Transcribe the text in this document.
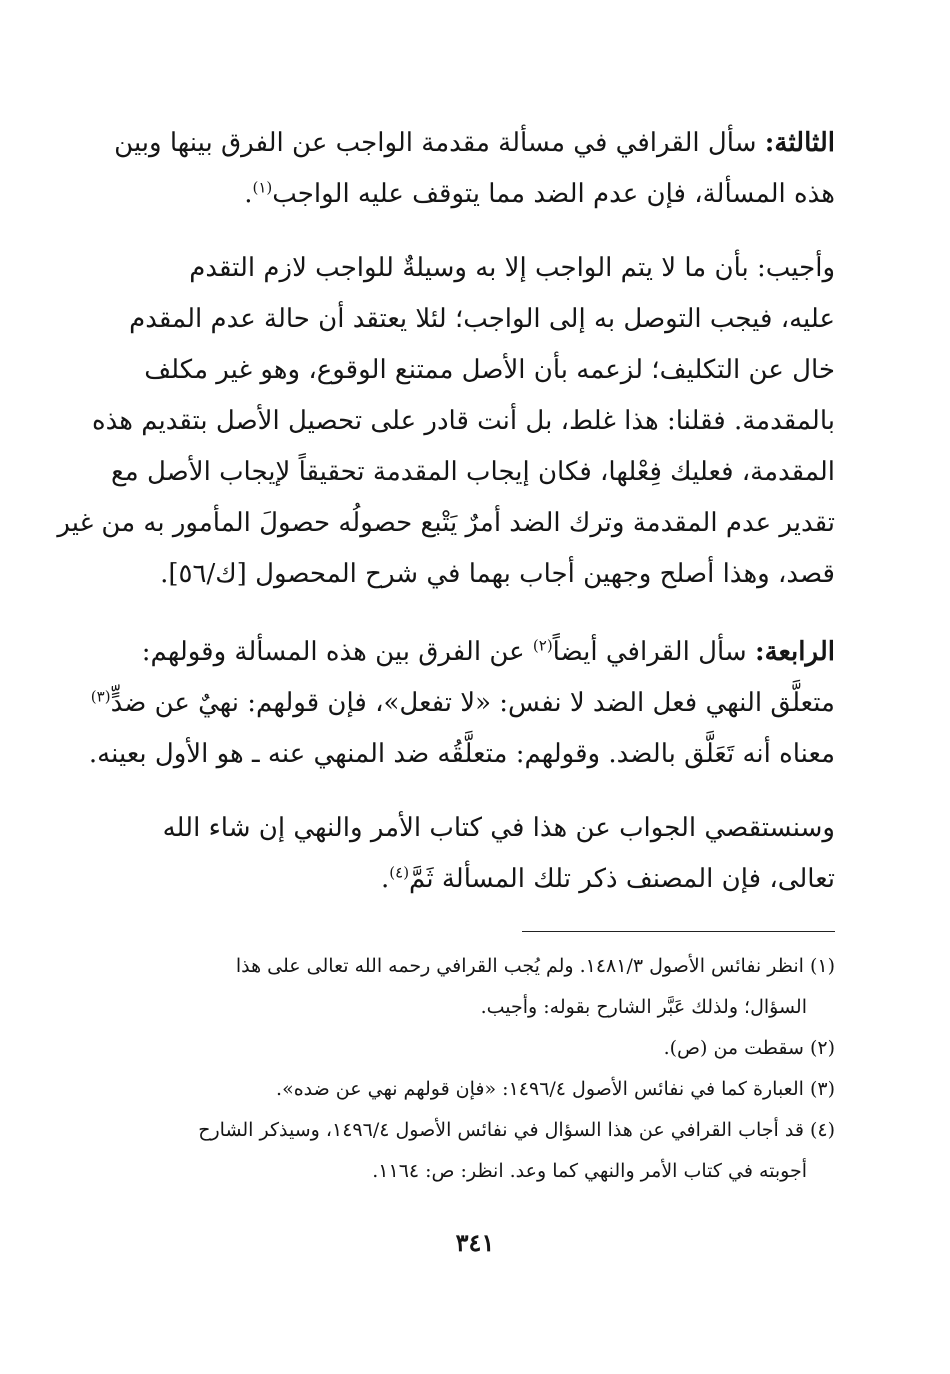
الثالثة: سأل القرافي في مسألة مقدمة الواجب عن الفرق بينها وبين
هذه المسألة، فإن عدم الضد مما يتوقف عليه الواجب$^{(١)}$.
وأجيب: بأن ما لا يتم الواجب إلا به وسيلةٌ للواجب لازم التقدم
عليه، فيجب التوصل به إلى الواجب؛ لئلا يعتقد أن حالة عدم المقدم
خال عن التكليف؛ لزعمه بأن الأصل ممتنع الوقوع، وهو غير مكلف
بالمقدمة. فقلنا: هذا غلط، بل أنت قادر على تحصيل الأصل بتقديم هذه
المقدمة، فعليك فِعْلها، فكان إيجاب المقدمة تحقيقاً لإيجاب الأصل مع
تقدير عدم المقدمة وترك الضد أمرٌ يَتْبع حصولُه حصولَ المأمور به من غير
قصد، وهذا أصلح وجهين أجاب بهما في شرح المحصول [ك/٥٦].
الرابعة: سأل القرافي أيضاً$^{(٢)}$ عن الفرق بين هذه المسألة وقولهم:
متعلَّق النهي فعل الضد لا نفس: «لا تفعل»، فإن قولهم: نهيٌ عن ضدٍّ$^{(٣)}$
معناه أنه تَعَلَّق بالضد. وقولهم: متعلَّقُه ضد المنهي عنه ـ هو الأول بعينه.
وسنستقصي الجواب عن هذا في كتاب الأمر والنهي إن شاء الله
تعالى، فإن المصنف ذكر تلك المسألة ثَمَّ$^{(٤)}$.
(١) انظر نفائس الأصول ١٤٨١/٣. ولم يُجب القرافي رحمه الله تعالى على هذا
السؤال؛ ولذلك عَبَّر الشارح بقوله: وأجيب.
(٢) سقطت من (ص).
(٣) العبارة كما في نفائس الأصول ١٤٩٦/٤: «فإن قولهم نهي عن ضده».
(٤) قد أجاب القرافي عن هذا السؤال في نفائس الأصول ١٤٩٦/٤، وسيذكر الشارح
أجوبته في كتاب الأمر والنهي كما وعد. انظر: ص: ١١٦٤.
٣٤١
